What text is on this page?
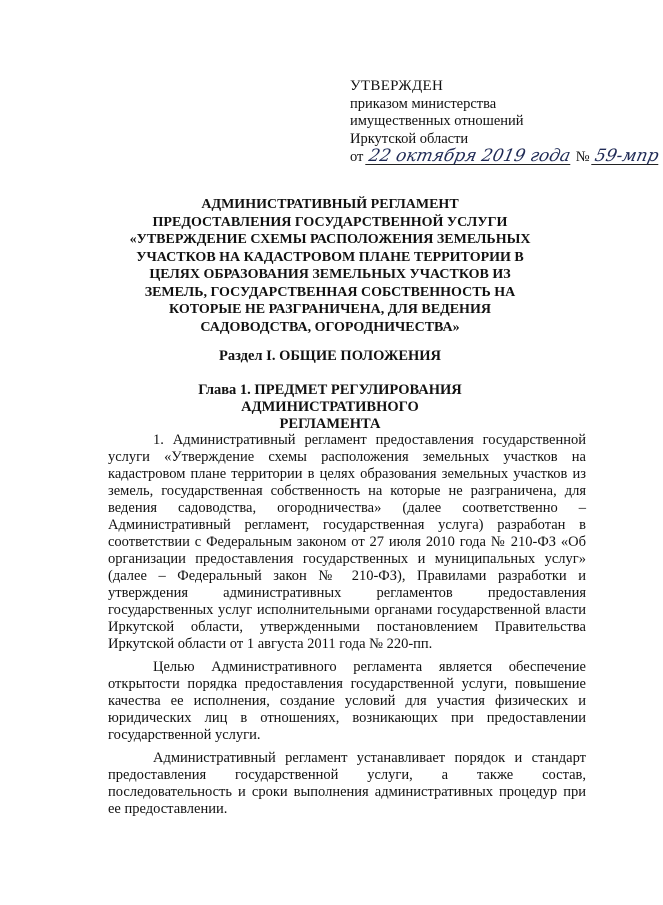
УТВЕРЖДЕН
приказом министерства
имущественных отношений
Иркутской области
от 22 октября 2019 года № 59-мпр
АДМИНИСТРАТИВНЫЙ РЕГЛАМЕНТ
ПРЕДОСТАВЛЕНИЯ ГОСУДАРСТВЕННОЙ УСЛУГИ
«УТВЕРЖДЕНИЕ СХЕМЫ РАСПОЛОЖЕНИЯ ЗЕМЕЛЬНЫХ
УЧАСТКОВ НА КАДАСТРОВОМ ПЛАНЕ ТЕРРИТОРИИ В
ЦЕЛЯХ ОБРАЗОВАНИЯ ЗЕМЕЛЬНЫХ УЧАСТКОВ ИЗ
ЗЕМЕЛЬ, ГОСУДАРСТВЕННАЯ СОБСТВЕННОСТЬ НА
КОТОРЫЕ НЕ РАЗГРАНИЧЕНА, ДЛЯ ВЕДЕНИЯ
САДОВОДСТВА, ОГОРОДНИЧЕСТВА»
Раздел I. ОБЩИЕ ПОЛОЖЕНИЯ
Глава 1. ПРЕДМЕТ РЕГУЛИРОВАНИЯ АДМИНИСТРАТИВНОГО
РЕГЛАМЕНТА

1. Административный регламент предоставления государственной услуги «Утверждение схемы расположения земельных участков на кадастровом плане территории в целях образования земельных участков из земель, государственная собственность на которые не разграничена, для ведения садоводства, огородничества» (далее соответственно – Административный регламент, государственная услуга) разработан в соответствии с Федеральным законом от 27 июля 2010 года № 210-ФЗ «Об организации предоставления государственных и муниципальных услуг» (далее – Федеральный закон № 210-ФЗ), Правилами разработки и утверждения административных регламентов предоставления государственных услуг исполнительными органами государственной власти Иркутской области, утвержденными постановлением Правительства Иркутской области от 1 августа 2011 года № 220-пп.

Целью Административного регламента является обеспечение открытости порядка предоставления государственной услуги, повышение качества ее исполнения, создание условий для участия физических и юридических лиц в отношениях, возникающих при предоставлении государственной услуги.

Административный регламент устанавливает порядок и стандарт предоставления государственной услуги, а также состав, последовательность и сроки выполнения административных процедур при ее предоставлении.
